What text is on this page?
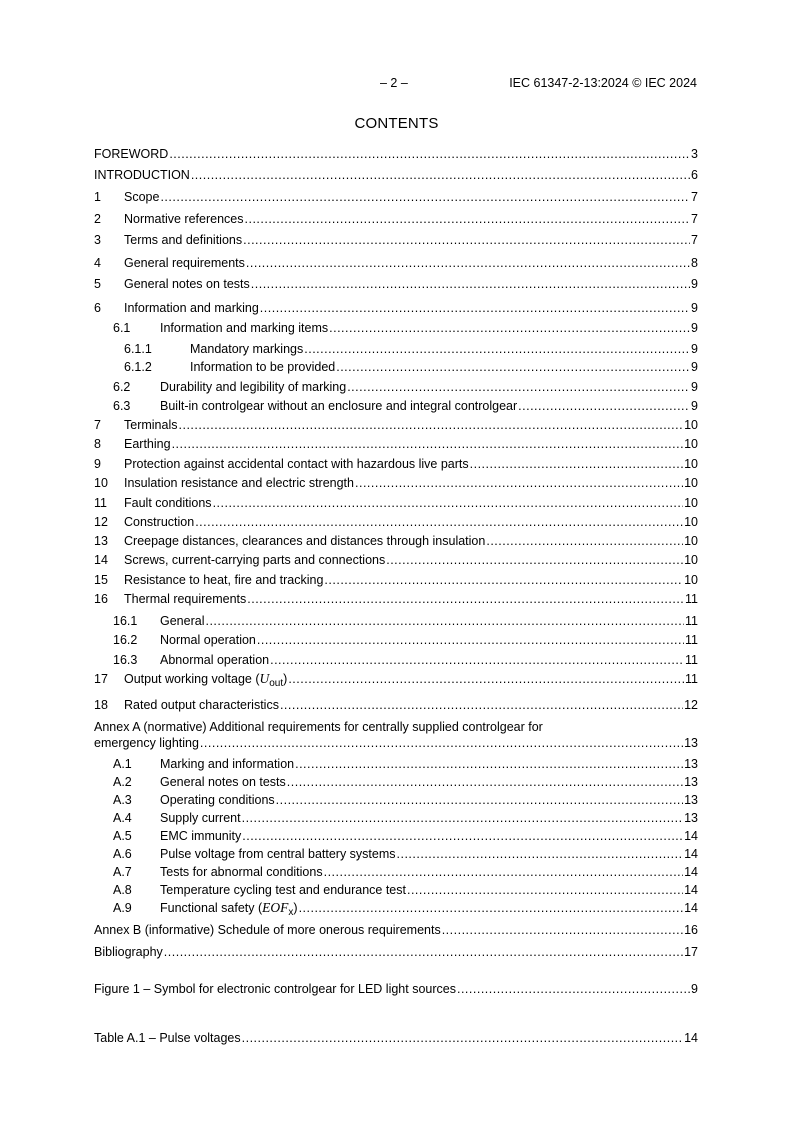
– 2 –	IEC 61347-2-13:2024 © IEC 2024
CONTENTS
FOREWORD .....	3
INTRODUCTION .....	6
1	Scope .....	7
2	Normative references .....	7
3	Terms and definitions .....	7
4	General requirements .....	8
5	General notes on tests .....	9
6	Information and marking .....	9
6.1	Information and marking items .....	9
6.1.1	Mandatory markings .....	9
6.1.2	Information to be provided .....	9
6.2	Durability and legibility of marking .....	9
6.3	Built-in controlgear without an enclosure and integral controlgear .....	9
7	Terminals .....	10
8	Earthing .....	10
9	Protection against accidental contact with hazardous live parts .....	10
10	Insulation resistance and electric strength .....	10
11	Fault conditions .....	10
12	Construction .....	10
13	Creepage distances, clearances and distances through insulation .....	10
14	Screws, current-carrying parts and connections .....	10
15	Resistance to heat, fire and tracking .....	10
16	Thermal requirements .....	11
16.1	General .....	11
16.2	Normal operation .....	11
16.3	Abnormal operation .....	11
17	Output working voltage $(U_{out})$ .....	11
18	Rated output characteristics .....	12
Annex A (normative) Additional requirements for centrally supplied controlgear for
emergency lighting .....	13
A.1	Marking and information .....	13
A.2	General notes on tests .....	13
A.3	Operating conditions .....	13
A.4	Supply current .....	13
A.5	EMC immunity .....	14
A.6	Pulse voltage from central battery systems .....	14
A.7	Tests for abnormal conditions .....	14
A.8	Temperature cycling test and endurance test .....	14
A.9	Functional safety $(EOF_x)$ .....	14
Annex B (informative) Schedule of more onerous requirements .....	16
Bibliography .....	17
Figure 1 – Symbol for electronic controlgear for LED light sources .....	9
Table A.1 – Pulse voltages .....	14
